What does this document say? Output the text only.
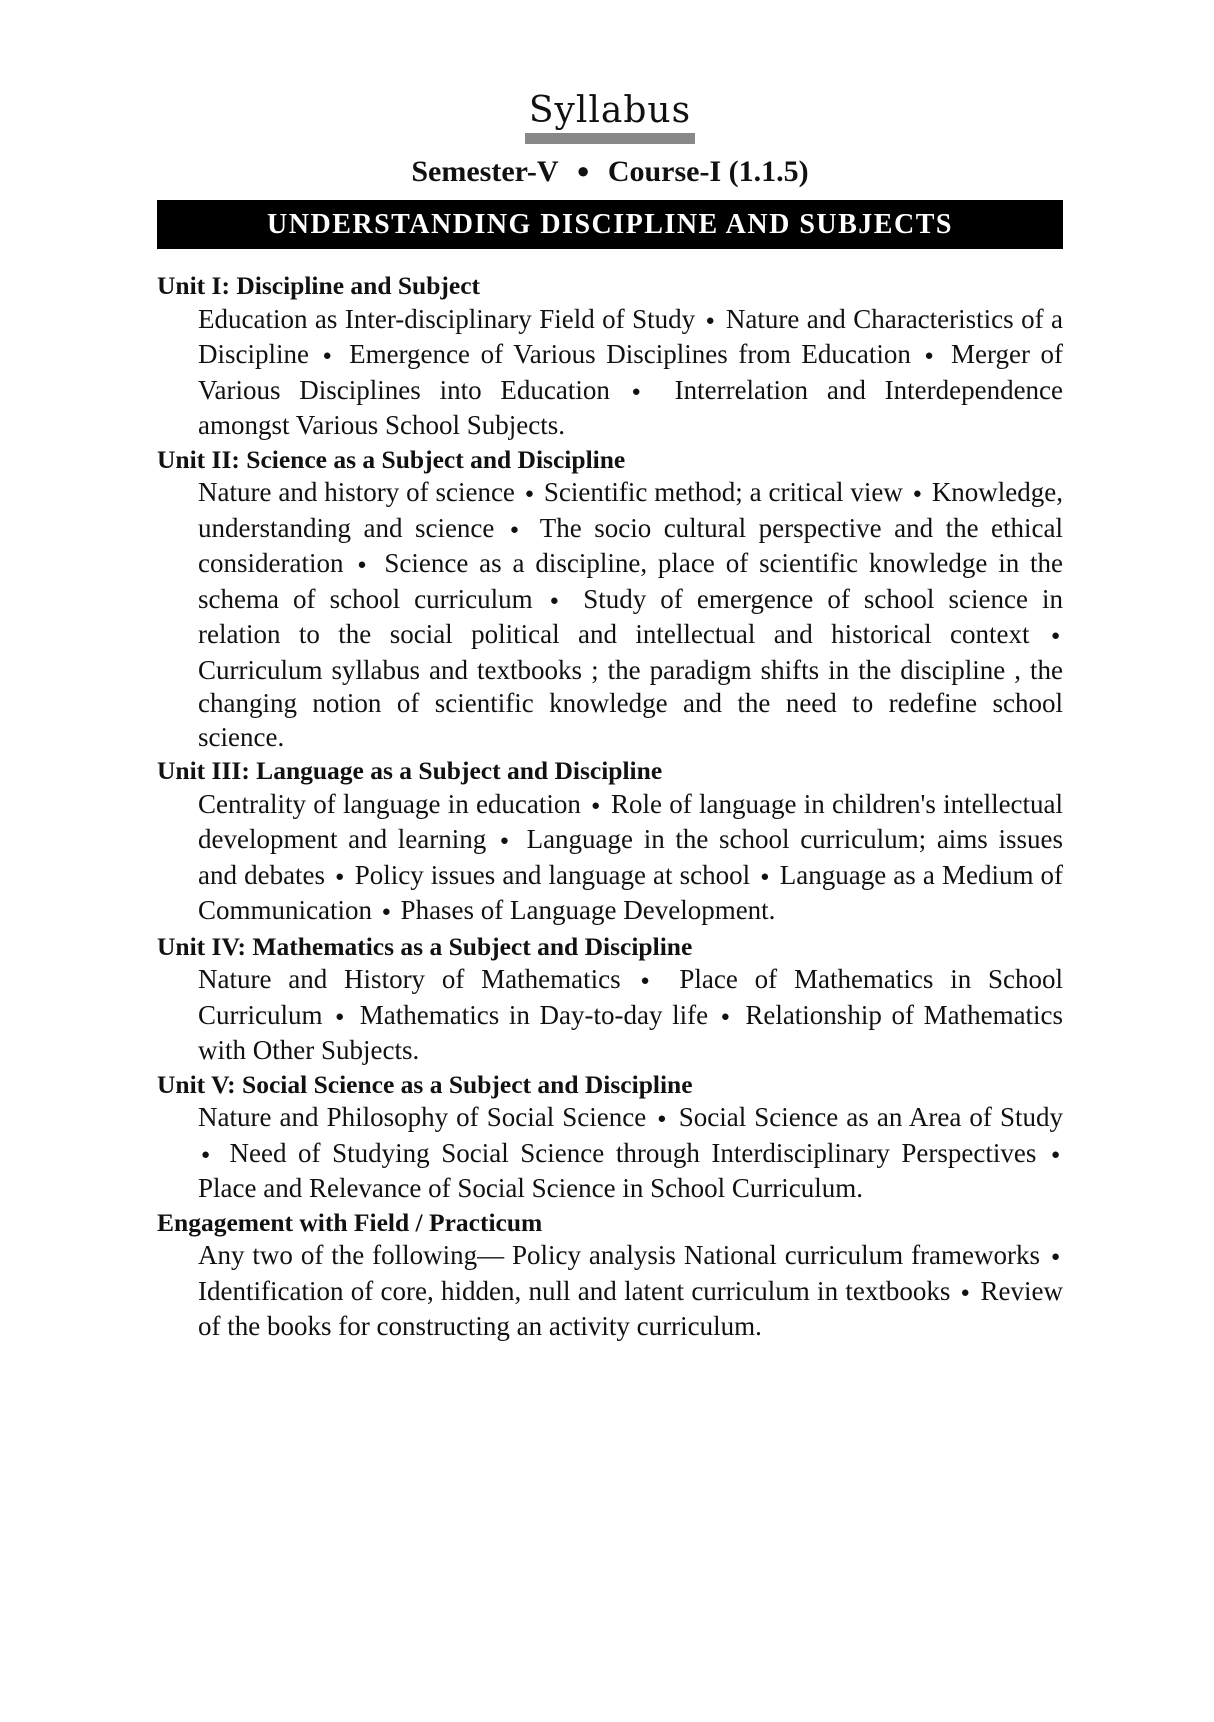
Syllabus
Semester-V ● Course-I (1.1.5)
UNDERSTANDING DISCIPLINE AND SUBJECTS
Unit I: Discipline and Subject
Education as Inter-disciplinary Field of Study ● Nature and Characteristics of a Discipline ● Emergence of Various Disciplines from Education ● Merger of Various Disciplines into Education ● Interrelation and Interdependence amongst Various School Subjects.
Unit II: Science as a Subject and Discipline
Nature and history of science ● Scientific method; a critical view ● Knowledge, understanding and science ● The socio cultural perspective and the ethical consideration ● Science as a discipline, place of scientific knowledge in the schema of school curriculum ● Study of emergence of school science in relation to the social political and intellectual and historical context ● Curriculum syllabus and textbooks ; the paradigm shifts in the discipline , the changing notion of scientific knowledge and the need to redefine school science.
Unit III: Language as a Subject and Discipline
Centrality of language in education ● Role of language in children's intellectual development and learning ● Language in the school curriculum; aims issues and debates ● Policy issues and language at school ● Language as a Medium of Communication ● Phases of Language Development.
Unit IV: Mathematics as a Subject and Discipline
Nature and History of Mathematics ● Place of Mathematics in School Curriculum ● Mathematics in Day-to-day life ● Relationship of Mathematics with Other Subjects.
Unit V: Social Science as a Subject and Discipline
Nature and Philosophy of Social Science ● Social Science as an Area of Study ● Need of Studying Social Science through Interdisciplinary Perspectives ● Place and Relevance of Social Science in School Curriculum.
Engagement with Field / Practicum
Any two of the following— Policy analysis National curriculum frameworks ● Identification of core, hidden, null and latent curriculum in textbooks ● Review of the books for constructing an activity curriculum.
